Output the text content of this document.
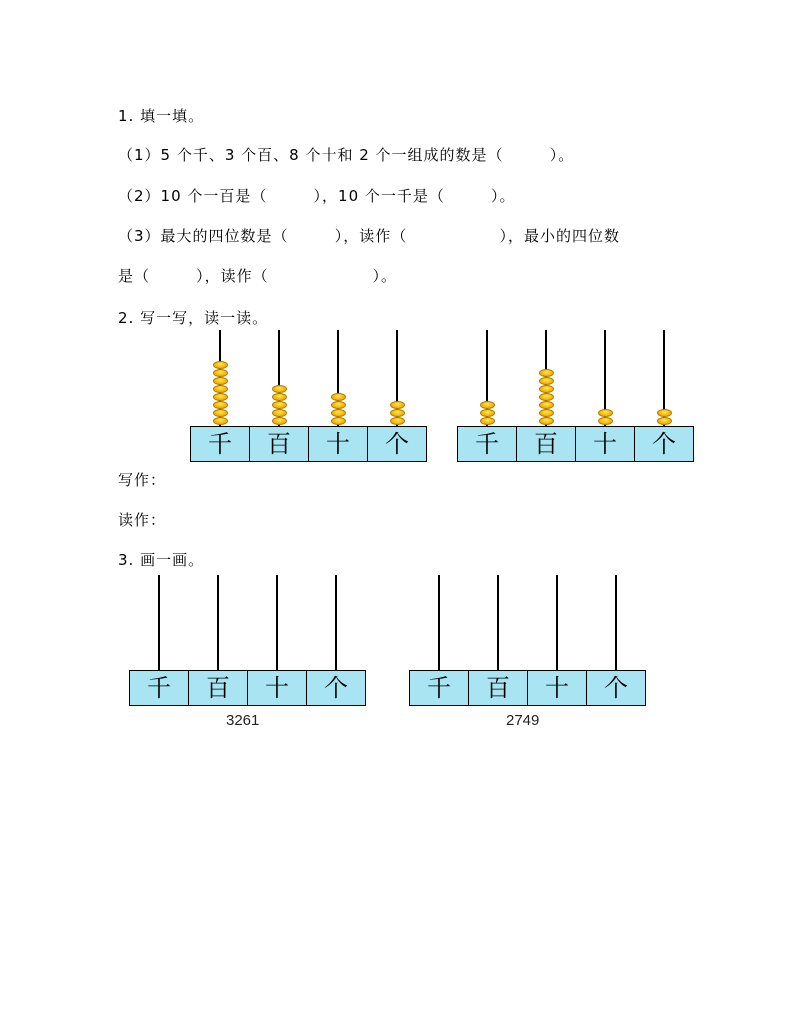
1. 填一填。
（1）5 个千、3 个百、8 个十和 2 个一组成的数是（        ）。
（2）10 个一百是（        ），10 个一千是（        ）。
（3）最大的四位数是（        ），读作（                ），最小的四位数
是（        ），读作（                  ）。
2. 写一写，读一读。
千	百	十	个	千	百	十	个
写作：
读作：
3. 画一画。
千	百	十	个	千	百	十	个
3261	2749
